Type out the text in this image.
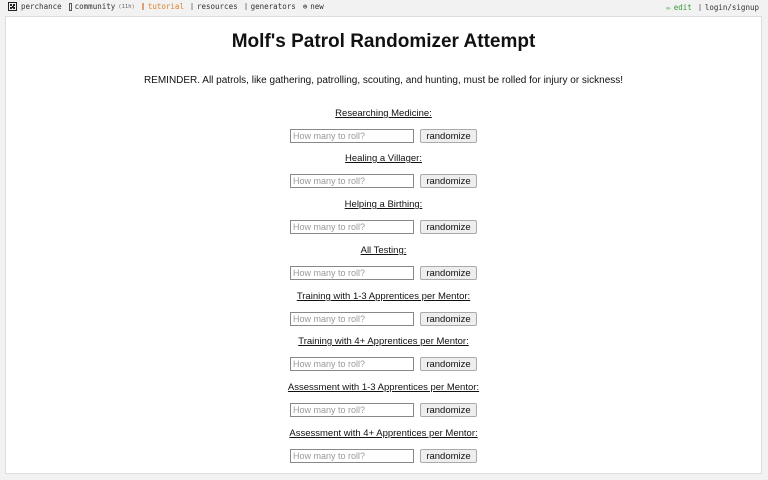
perchance community (11h) tutorial resources generators ⊕ new	✏ edit login/signup
Molf's Patrol Randomizer Attempt
REMINDER. All patrols, like gathering, patrolling, scouting, and hunting, must be rolled for injury or sickness!
Researching Medicine:
How many to roll?
randomize
Healing a Villager:
How many to roll?
randomize
Helping a Birthing:
How many to roll?
randomize
All Testing:
How many to roll?
randomize
Training with 1-3 Apprentices per Mentor:
How many to roll?
randomize
Training with 4+ Apprentices per Mentor:
How many to roll?
randomize
Assessment with 1-3 Apprentices per Mentor:
How many to roll?
randomize
Assessment with 4+ Apprentices per Mentor:
How many to roll?
randomize
